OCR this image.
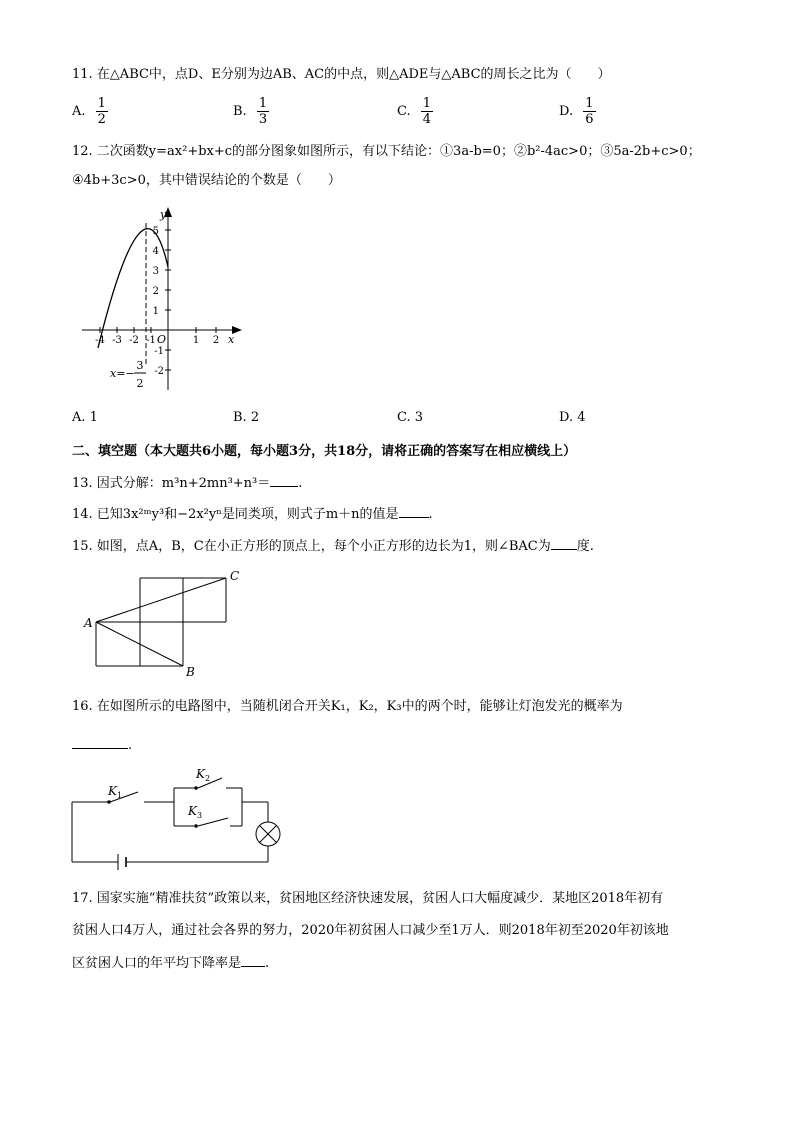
11. 在△ABC中，点D、E分别为边AB、AC的中点，则△ADE与△ABC的周长之比为（　　）
A. $\frac{1}{2}$	B. $\frac{1}{3}$	C. $\frac{1}{4}$	D. $\frac{1}{6}$
12. 二次函数y=ax²+bx+c的部分图象如图所示，有以下结论：①3a-b=0；②b²-4ac>0；③5a-2b+c>0；
④4b+3c>0，其中错误结论的个数是（　　）
y
x
O
5
4
3
2
1
-1
-2
-4 -3 -2 -1	1 2
x=−
3
2
A. 1	B. 2	C. 3	D. 4
二、填空题（本大题共6小题，每小题3分，共18分，请将正确的答案写在相应横线上）
13. 因式分解：m³n+2mn³+n³＝ .
14. 已知3x²ᵐy³和−2x²yⁿ是同类项，则式子m＋n的值是 .
15. 如图，点A，B，C在小正方形的顶点上，每个小正方形的边长为1，则∠BAC为 度.
A
B
C
16. 在如图所示的电路图中，当随机闭合开关K₁，K₂，K₃中的两个时，能够让灯泡发光的概率为
.
$K_1$
$K_2$
$K_3$
17. 国家实施“精准扶贫”政策以来，贫困地区经济快速发展，贫困人口大幅度减少．某地区2018年初有
贫困人口4万人，通过社会各界的努力，2020年初贫困人口减少至1万人．则2018年初至2020年初该地
区贫困人口的年平均下降率是 .
